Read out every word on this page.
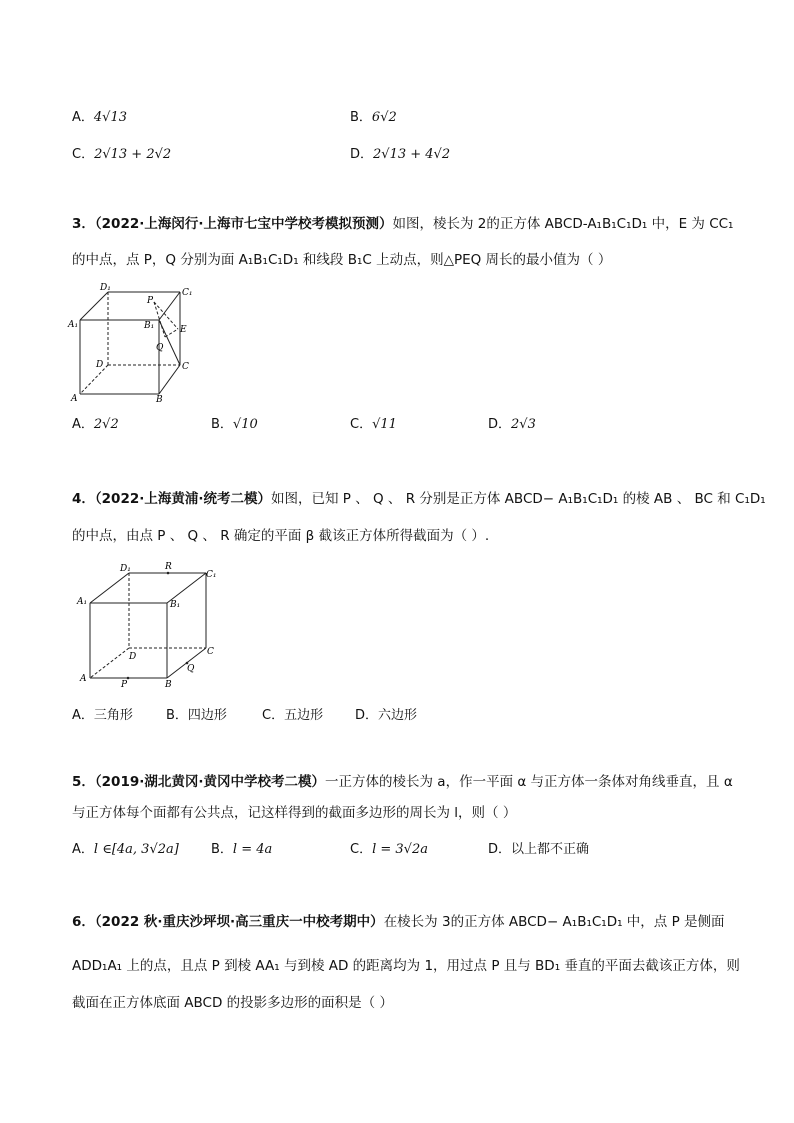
A．4√13	B．6√2
C．2√13 + 2√2	D．2√13 + 4√2
3．（2022·上海闵行·上海市七宝中学校考模拟预测）如图，棱长为 2的正方体 ABCD-A₁B₁C₁D₁ 中，E 为 CC₁
的中点，点 P，Q 分别为面 A₁B₁C₁D₁ 和线段 B₁C 上动点，则△PEQ 周长的最小值为（ ）
D₁	C₁
P
A₁	B₁	E
Q
D	C
A	B
A．2√2	B．√10	C．√11	D．2√3
4．（2022·上海黄浦·统考二模）如图，已知 P 、 Q 、 R 分别是正方体 ABCD− A₁B₁C₁D₁ 的棱 AB 、 BC 和 C₁D₁
的中点，由点 P 、 Q 、 R 确定的平面 β 截该正方体所得截面为（ ）.
D₁	R
C₁
A₁	B₁
D	C
Q
A
P	B
A．三角形	B．四边形	C．五边形 D．六边形
5．（2019·湖北黄冈·黄冈中学校考二模）一正方体的棱长为 a，作一平面 α 与正方体一条体对角线垂直，且 α
与正方体每个面都有公共点，记这样得到的截面多边形的周长为 l，则（ ）
A．l ∈[4a, 3√2a] B．l = 4a	C．l = 3√2a	D．以上都不正确
6．（2022 秋·重庆沙坪坝·高三重庆一中校考期中）在棱长为 3的正方体 ABCD− A₁B₁C₁D₁ 中，点 P 是侧面
ADD₁A₁ 上的点，且点 P 到棱 AA₁ 与到棱 AD 的距离均为 1，用过点 P 且与 BD₁ 垂直的平面去截该正方体，则
截面在正方体底面 ABCD 的投影多边形的面积是（ ）
